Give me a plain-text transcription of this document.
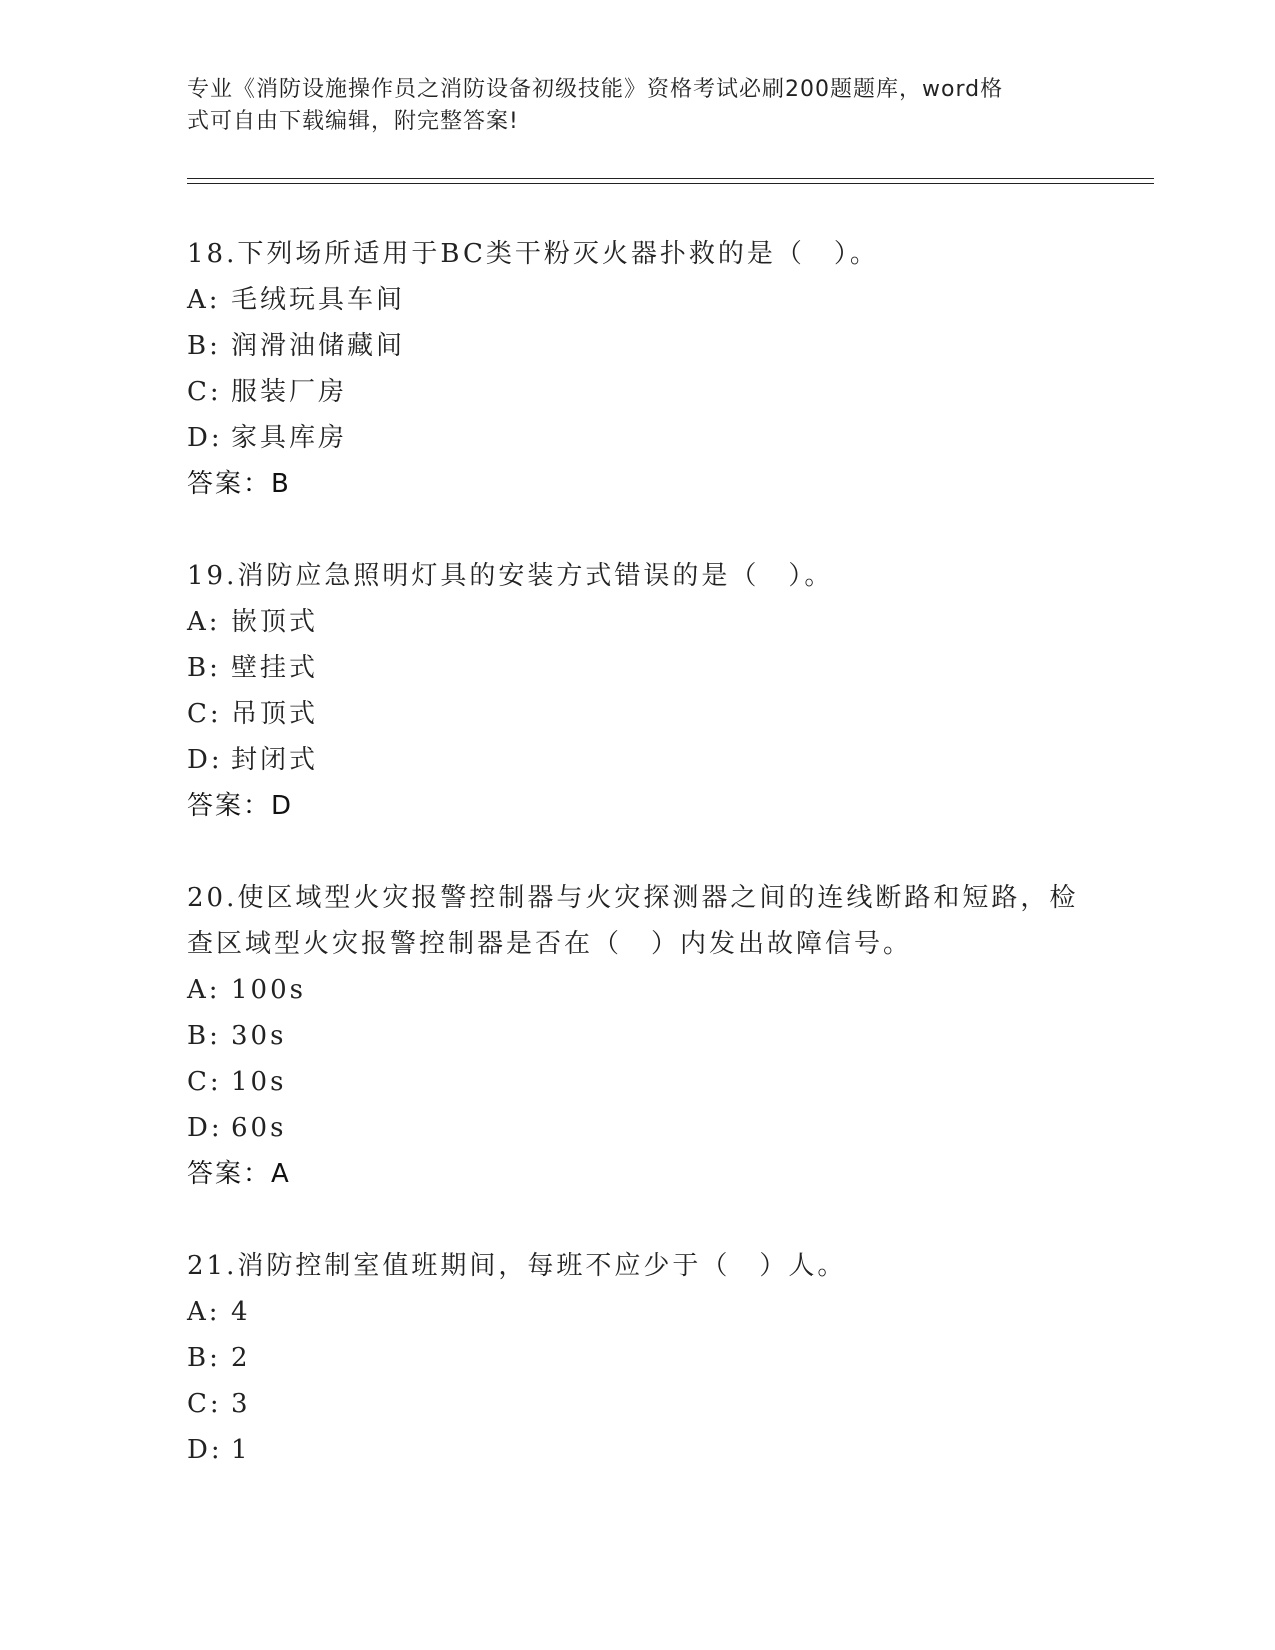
专业《消防设施操作员之消防设备初级技能》资格考试必刷200题题库，word格
式可自由下载编辑，附完整答案!
18.下列场所适用于BC类干粉灭火器扑救的是（　）。
A: 毛绒玩具车间
B: 润滑油储藏间
C: 服装厂房
D: 家具库房
答案：B
19.消防应急照明灯具的安装方式错误的是（　）。
A: 嵌顶式
B: 壁挂式
C: 吊顶式
D: 封闭式
答案：D
20.使区域型火灾报警控制器与火灾探测器之间的连线断路和短路，检
查区域型火灾报警控制器是否在（　）内发出故障信号。
A: 100s
B: 30s
C: 10s
D: 60s
答案：A
21.消防控制室值班期间，每班不应少于（　）人。
A: 4
B: 2
C: 3
D: 1
